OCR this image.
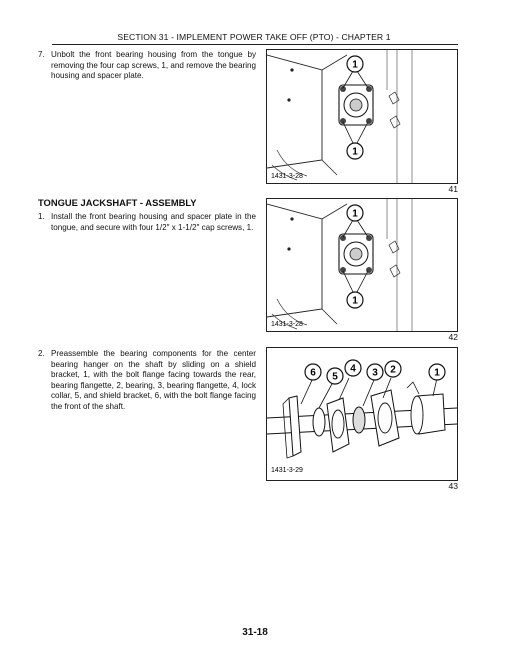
SECTION 31 - IMPLEMENT POWER TAKE OFF (PTO) - CHAPTER 1
7. Unbolt the front bearing housing from the tongue by removing the four cap screws, 1, and remove the bearing housing and spacer plate.
1
1
1431-3-28
41
TONGUE JACKSHAFT - ASSEMBLY
1. Install the front bearing housing and spacer plate in the tongue, and secure with four 1/2″ x 1-1/2″ cap screws, 1.
1
1
1431-3-28
42
2. Preassemble the bearing components for the center bearing hanger on the shaft by sliding on a shield bracket, 1, with the bolt flange facing towards the rear, bearing flangette, 2, bearing, 3, bearing flangette, 4, lock collar, 5, and shield bracket, 6, with the bolt flange facing the front of the shaft.
6 5
4 3 2	1
1431-3-29
43
31-18
